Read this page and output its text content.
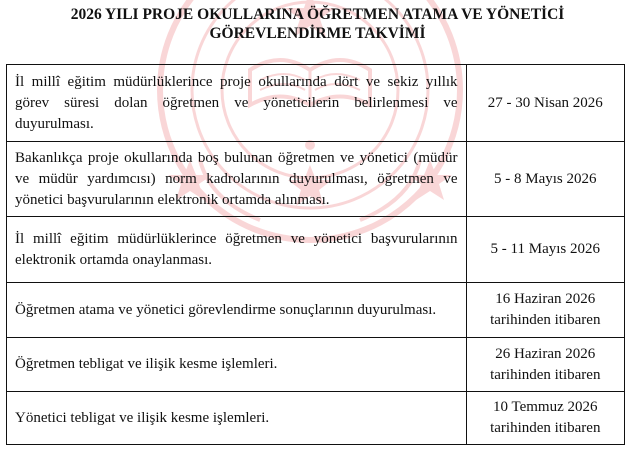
2026 YILI PROJE OKULLARINA ÖĞRETMEN ATAMA VE YÖNETİCİ
GÖREVLENDİRME TAKVİMİ
İl millî eğitim müdürlüklerince proje okullarında dört ve sekiz yıllık görev süresi dolan öğretmen ve yöneticilerin belirlenmesi ve duyurulması.	27 - 30 Nisan 2026

Bakanlıkça proje okullarında boş bulunan öğretmen ve yönetici (müdür ve müdür yardımcısı) norm kadrolarının duyurulması, öğretmen ve yönetici başvurularının elektronik ortamda alınması.	5 - 8 Mayıs 2026

İl millî eğitim müdürlüklerince öğretmen ve yönetici başvurularının elektronik ortamda onaylanması.	5 - 11 Mayıs 2026

Öğretmen atama ve yönetici görevlendirme sonuçlarının duyurulması.	16 Haziran 2026
tarihinden itibaren

Öğretmen tebligat ve ilişik kesme işlemleri.	26 Haziran 2026
tarihinden itibaren

Yönetici tebligat ve ilişik kesme işlemleri.	10 Temmuz 2026
tarihinden itibaren
